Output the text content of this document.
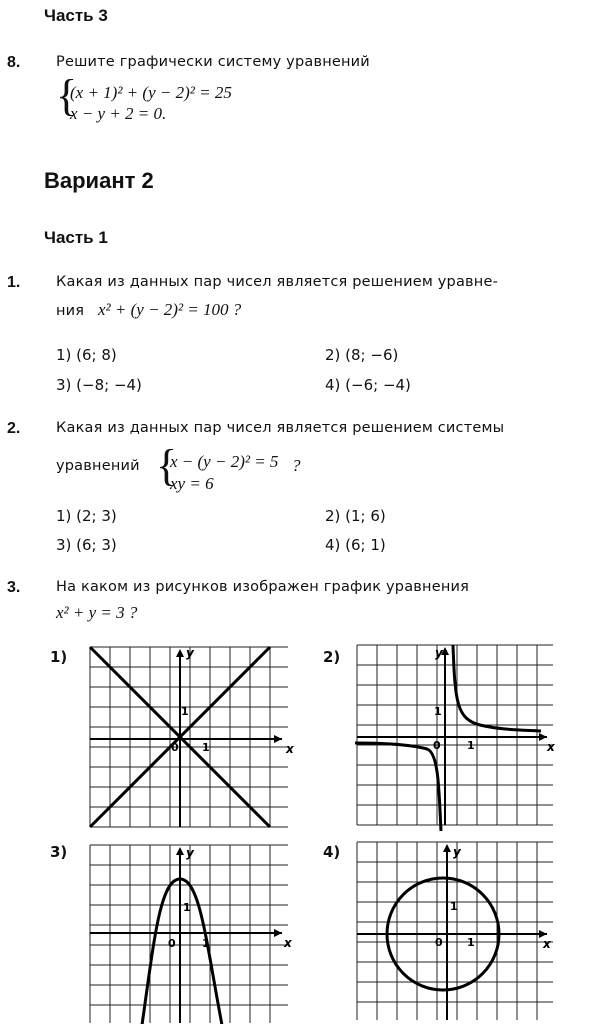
Часть 3
8. Решите графически систему уравнений
{
(x + 1)² + (y − 2)² = 25
x − y + 2 = 0.
Вариант 2
Часть 1
1. Какая из данных пар чисел является решением уравне-
ния x² + (y − 2)² = 100 ?
1) (6; 8)	2) (8; −6)
3) (−8; −4)	4) (−6; −4)
2. Какая из данных пар чисел является решением системы
уравнений {
x − (y − 2)² = 5
xy = 6
?
1) (2; 3)	2) (1; 6)
3) (6; 3)	4) (6; 1)
3. На каком из рисунков изображен график уравнения
x² + y = 3 ?
1)	2)
3)	4)
x
y
1
1
0	x
y
1
1
0
x
y
1
1
0	x
y
1
1
0
